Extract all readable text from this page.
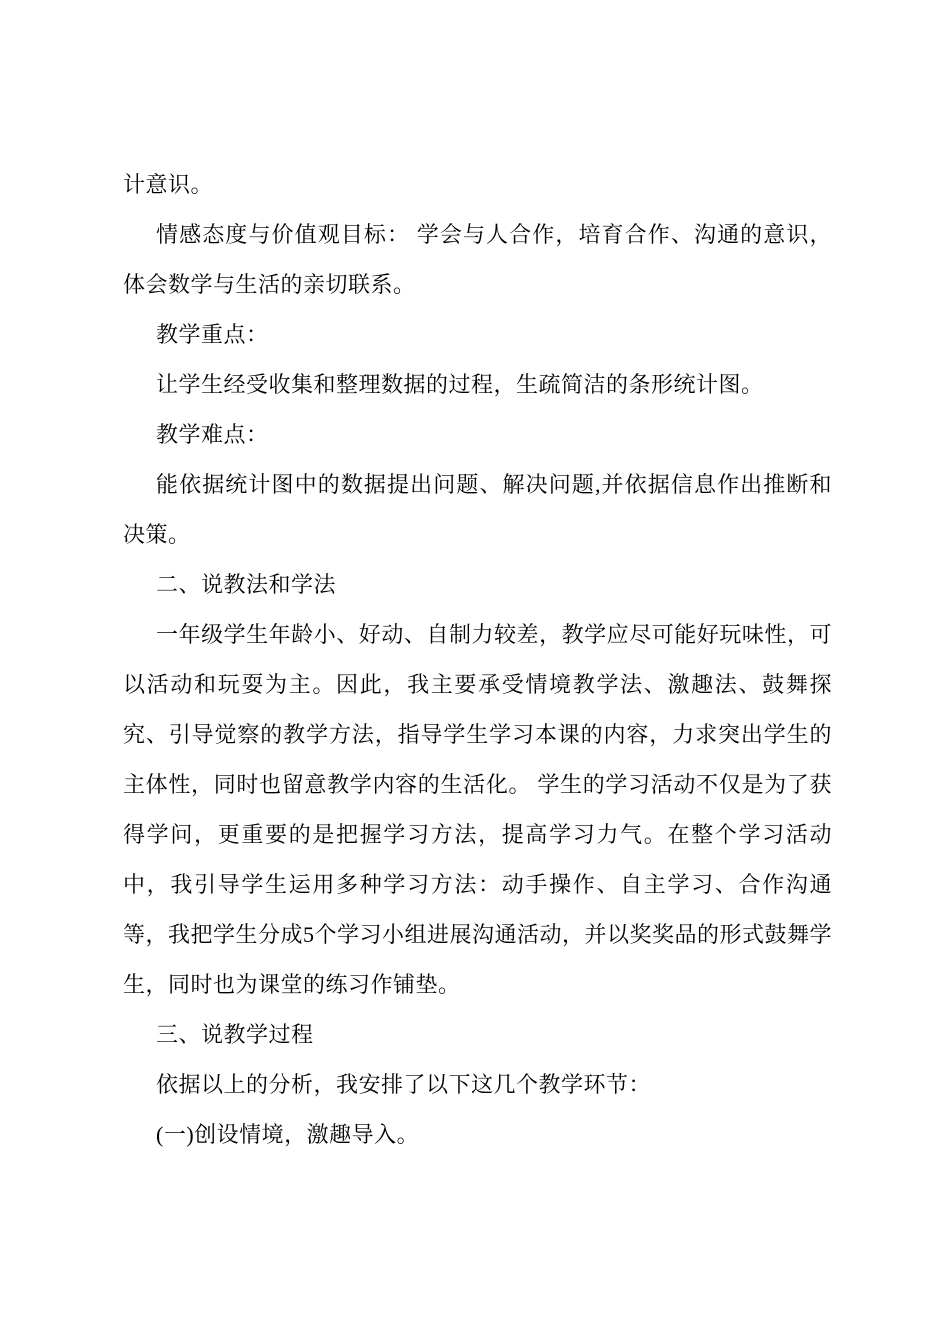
计意识。

情感态度与价值观目标： 学会与人合作，培育合作、沟通的意识，体会数学与生活的亲切联系。

教学重点：

让学生经受收集和整理数据的过程，生疏简洁的条形统计图。

教学难点：

能依据统计图中的数据提出问题、解决问题,并依据信息作出推断和决策。

二、说教法和学法

一年级学生年龄小、好动、自制力较差，教学应尽可能好玩味性，可以活动和玩耍为主。因此，我主要承受情境教学法、激趣法、鼓舞探究、引导觉察的教学方法，指导学生学习本课的内容，力求突出学生的主体性，同时也留意教学内容的生活化。 学生的学习活动不仅是为了获得学问，更重要的是把握学习方法，提高学习力气。在整个学习活动中，我引导学生运用多种学习方法：动手操作、自主学习、合作沟通等，我把学生分成5个学习小组进展沟通活动，并以奖奖品的形式鼓舞学生，同时也为课堂的练习作铺垫。

三、说教学过程

依据以上的分析，我安排了以下这几个教学环节：

(一)创设情境，激趣导入。
